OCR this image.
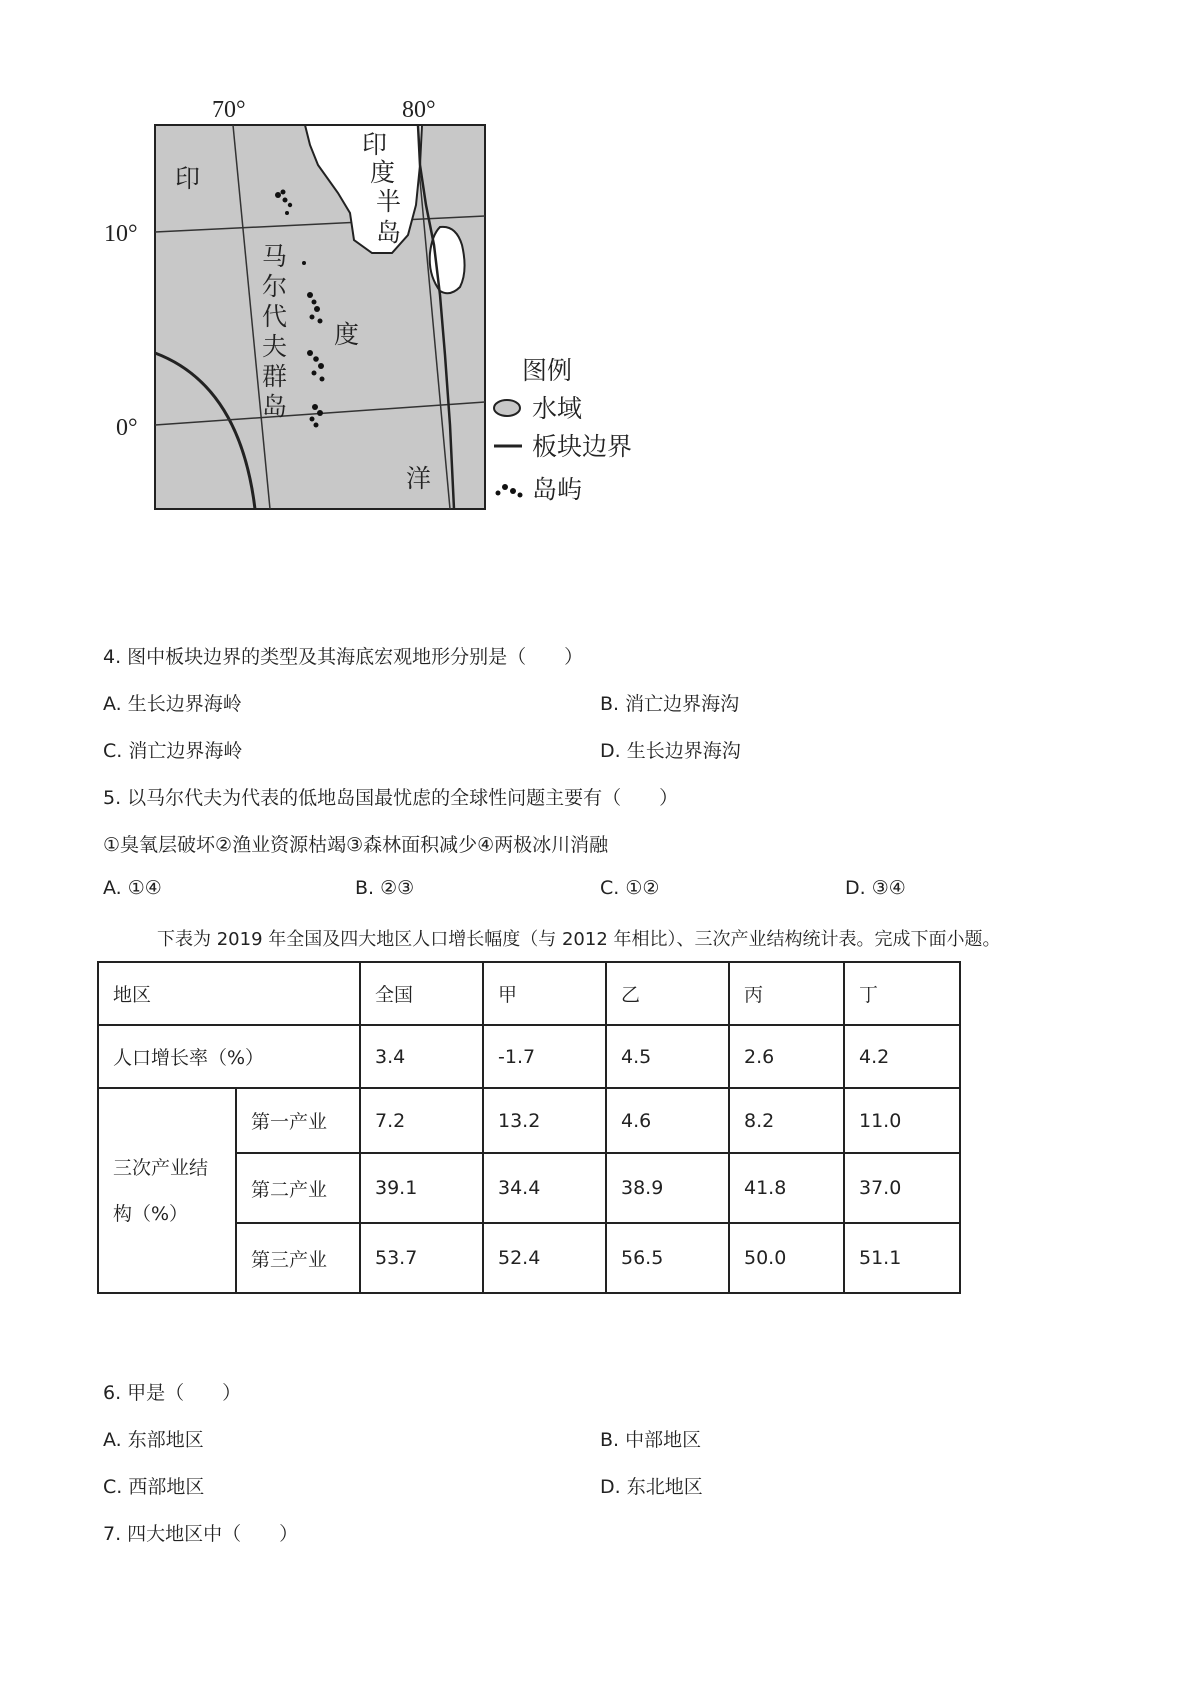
70°	80°
10°
0°
印
度
洋
印
度
半
岛
马
尔
代
夫
群
岛
图例
水域
板块边界
岛屿
4. 图中板块边界的类型及其海底宏观地形分别是（　　）
A. 生长边界海岭	B. 消亡边界海沟
C. 消亡边界海岭	D. 生长边界海沟
5. 以马尔代夫为代表的低地岛国最忧虑的全球性问题主要有（　　）
①臭氧层破坏②渔业资源枯竭③森林面积减少④两极冰川消融
A. ①④	B. ②③	C. ①②	D. ③④
下表为 2019 年全国及四大地区人口增长幅度（与 2012 年相比）、三次产业结构统计表。完成下面小题。
地区		全国	甲	乙	丙	丁
人口增长率（%）		3.4	-1.7	4.5	2.6	4.2
三次产业结
构（%）	第一产业	7.2	13.2	4.6	8.2	11.0
	第二产业	39.1	34.4	38.9	41.8	37.0
	第三产业	53.7	52.4	56.5	50.0	51.1
6. 甲是（　　）
A. 东部地区	B. 中部地区
C. 西部地区	D. 东北地区
7. 四大地区中（　　）
